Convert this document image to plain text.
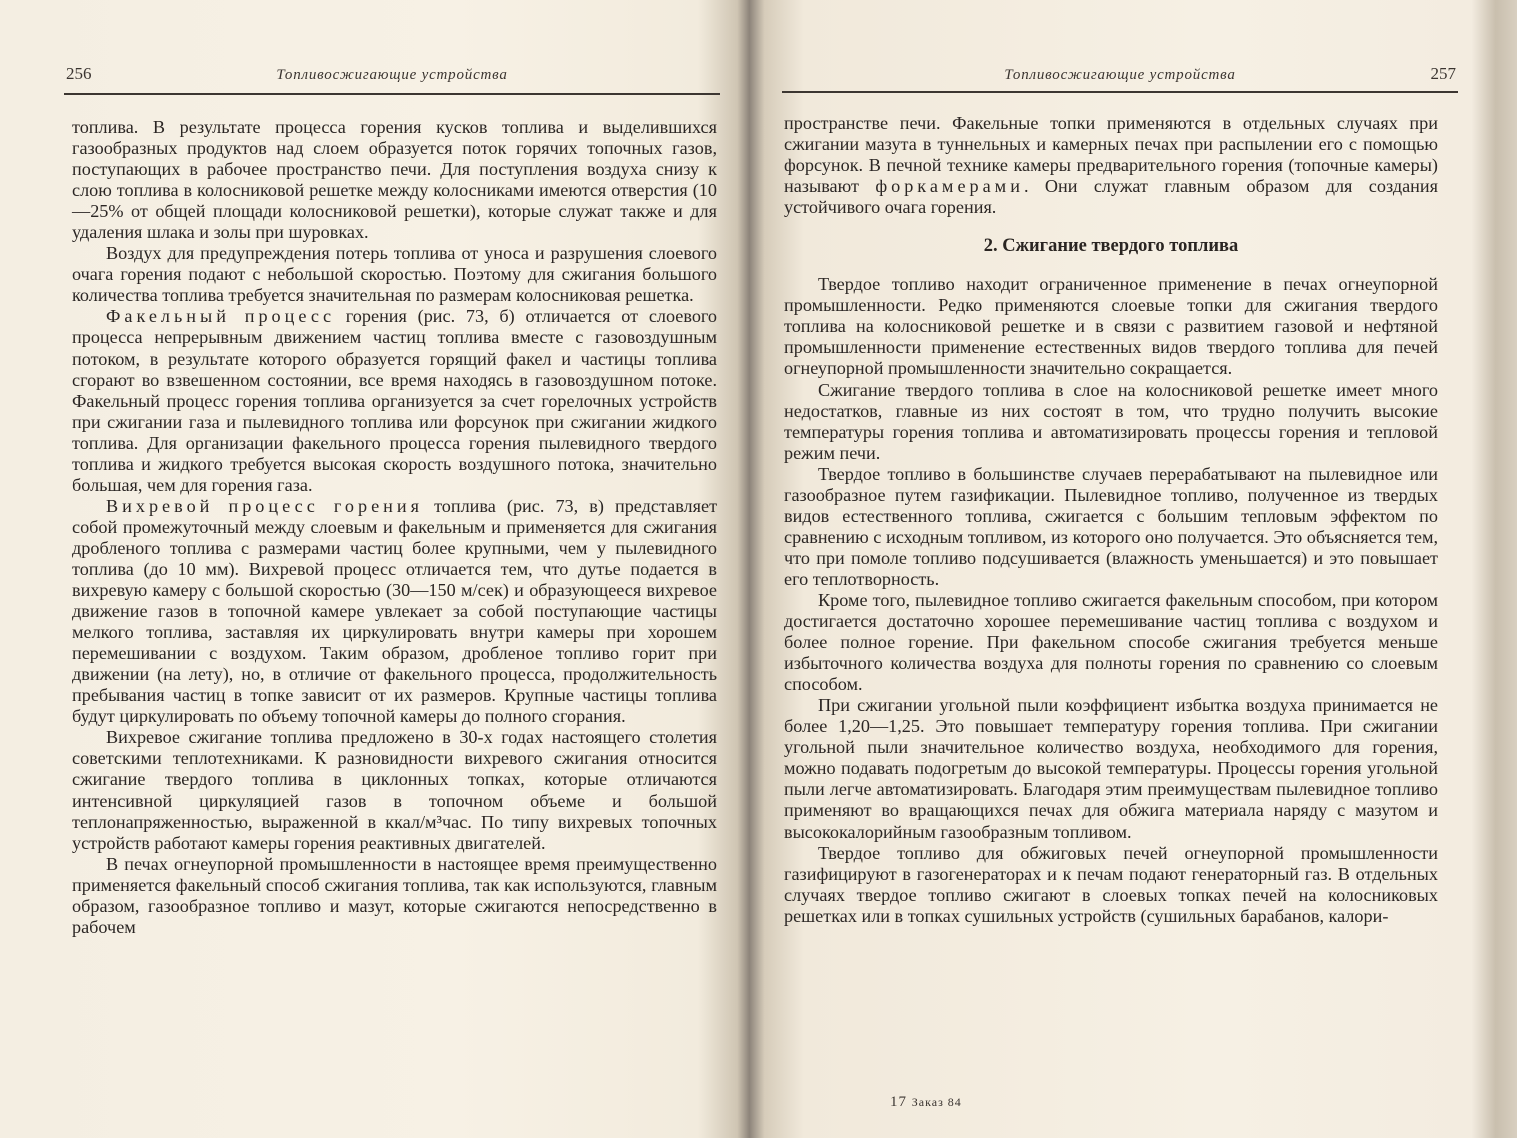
256	Топливосжигающие устройства

топлива. В результате процесса горения кусков топлива и выделившихся газообразных продуктов над слоем образуется поток горячих топочных газов, поступающих в рабочее пространство печи. Для поступления воздуха снизу к слою топлива в колосниковой решетке между колосниками имеются отверстия (10—25% от общей площади колосниковой решетки), которые служат также и для удаления шлака и золы при шуровках.

Воздух для предупреждения потерь топлива от уноса и разрушения слоевого очага горения подают с небольшой скоростью. Поэтому для сжигания большого количества топлива требуется значительная по размерам колосниковая решетка.

Факельный процесс горения (рис. 73, б) отличается от слоевого процесса непрерывным движением частиц топлива вместе с газовоздушным потоком, в результате которого образуется горящий факел и частицы топлива сгорают во взвешенном состоянии, все время находясь в газовоздушном потоке. Факельный процесс горения топлива организуется за счет горелочных устройств при сжигании газа и пылевидного топлива или форсунок при сжигании жидкого топлива. Для организации факельного процесса горения пылевидного твердого топлива и жидкого требуется высокая скорость воздушного потока, значительно большая, чем для горения газа.

Вихревой процесс горения топлива (рис. 73, в) представляет собой промежуточный между слоевым и факельным и применяется для сжигания дробленого топлива с размерами частиц более крупными, чем у пылевидного топлива (до 10 мм). Вихревой процесс отличается тем, что дутье подается в вихревую камеру с большой скоростью (30—150 м/сек) и образующееся вихревое движение газов в топочной камере увлекает за собой поступающие частицы мелкого топлива, заставляя их циркулировать внутри камеры при хорошем перемешивании с воздухом. Таким образом, дробленое топливо горит при движении (на лету), но, в отличие от факельного процесса, продолжительность пребывания частиц в топке зависит от их размеров. Крупные частицы топлива будут циркулировать по объему топочной камеры до полного сгорания.

Вихревое сжигание топлива предложено в 30-х годах настоящего столетия советскими теплотехниками. К разновидности вихревого сжигания относится сжигание твердого топлива в циклонных топках, которые отличаются интенсивной циркуляцией газов в топочном объеме и большой теплонапряженностью, выраженной в ккал/м³час. По типу вихревых топочных устройств работают камеры горения реактивных двигателей.

В печах огнеупорной промышленности в настоящее время преимущественно применяется факельный способ сжигания топлива, так как используются, главным образом, газообразное топливо и мазут, которые сжигаются непосредственно в рабочем

Топливосжигающие устройства	257

пространстве печи. Факельные топки применяются в отдельных случаях при сжигании мазута в туннельных и камерных печах при распылении его с помощью форсунок. В печной технике камеры предварительного горения (топочные камеры) называют форкамерами. Они служат главным образом для создания устойчивого очага горения.

2. Сжигание твердого топлива

Твердое топливо находит ограниченное применение в печах огнеупорной промышленности. Редко применяются слоевые топки для сжигания твердого топлива на колосниковой решетке и в связи с развитием газовой и нефтяной промышленности применение естественных видов твердого топлива для печей огнеупорной промышленности значительно сокращается.

Сжигание твердого топлива в слое на колосниковой решетке имеет много недостатков, главные из них состоят в том, что трудно получить высокие температуры горения топлива и автоматизировать процессы горения и тепловой режим печи.

Твердое топливо в большинстве случаев перерабатывают на пылевидное или газообразное путем газификации. Пылевидное топливо, полученное из твердых видов естественного топлива, сжигается с большим тепловым эффектом по сравнению с исходным топливом, из которого оно получается. Это объясняется тем, что при помоле топливо подсушивается (влажность уменьшается) и это повышает его теплотворность.

Кроме того, пылевидное топливо сжигается факельным способом, при котором достигается достаточно хорошее перемешивание частиц топлива с воздухом и более полное горение. При факельном способе сжигания требуется меньше избыточного количества воздуха для полноты горения по сравнению со слоевым способом.

При сжигании угольной пыли коэффициент избытка воздуха принимается не более 1,20—1,25. Это повышает температуру горения топлива. При сжигании угольной пыли значительное количество воздуха, необходимого для горения, можно подавать подогретым до высокой температуры. Процессы горения угольной пыли легче автоматизировать. Благодаря этим преимуществам пылевидное топливо применяют во вращающихся печах для обжига материала наряду с мазутом и высококалорийным газообразным топливом.

Твердое топливо для обжиговых печей огнеупорной промышленности газифицируют в газогенераторах и к печам подают генераторный газ. В отдельных случаях твердое топливо сжигают в слоевых топках печей на колосниковых решетках или в топках сушильных устройств (сушильных барабанов, калори-

17 Заказ 84
